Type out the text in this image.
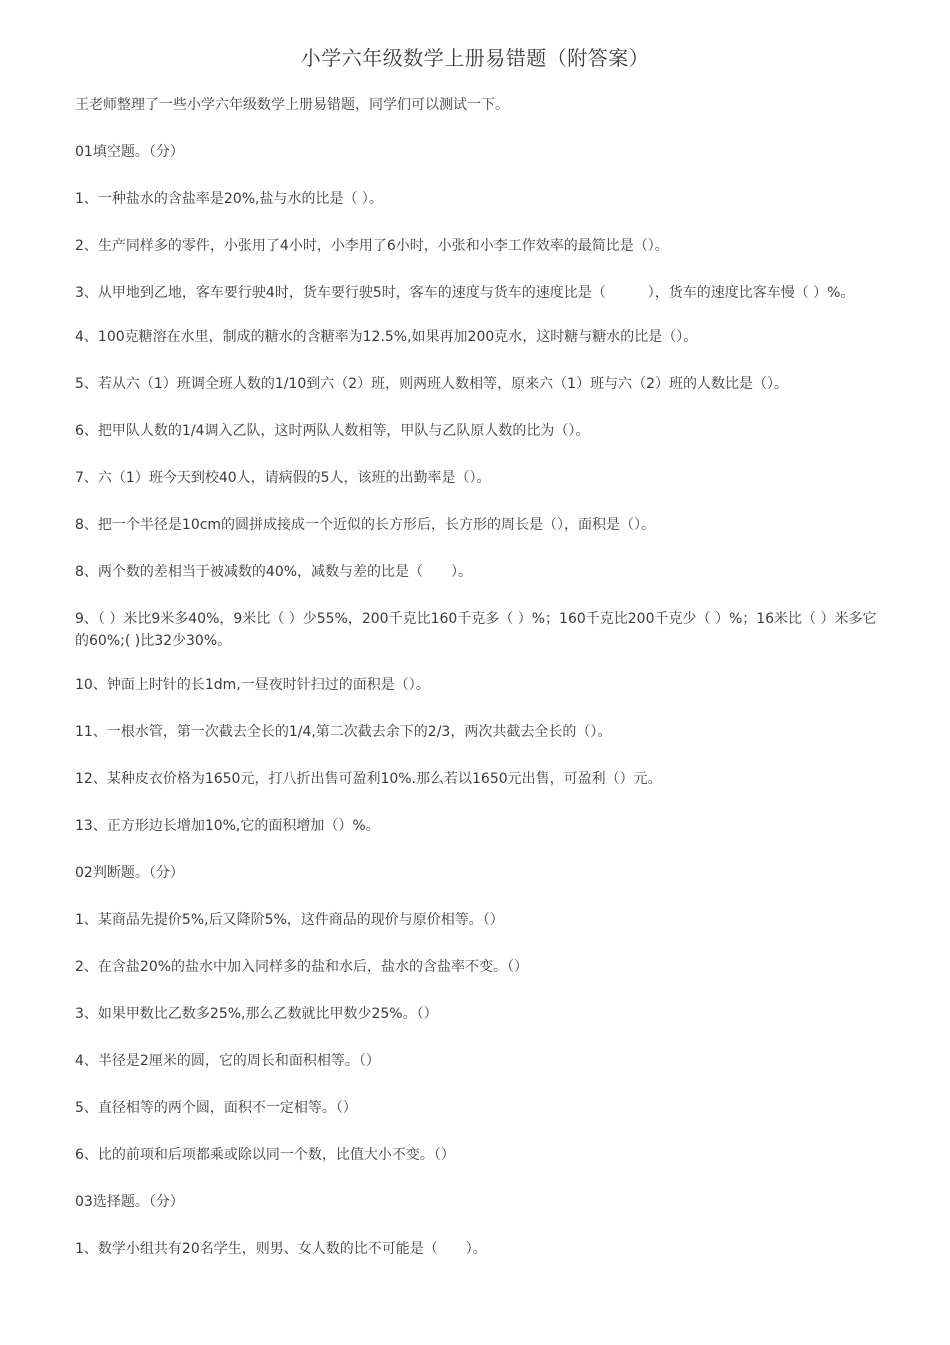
小学六年级数学上册易错题（附答案）
王老师整理了一些小学六年级数学上册易错题，同学们可以测试一下。
01填空题。（分）
1、一种盐水的含盐率是20%,盐与水的比是（ ）。
2、生产同样多的零件，小张用了4小时，小李用了6小时，小张和小李工作效率的最简比是（）。
3、从甲地到乙地，客车要行驶4时，货车要行驶5时，客车的速度与货车的速度比是（　　　），货车的速度比客车慢（ ）%。
4、100克糖溶在水里，制成的糖水的含糖率为12.5%,如果再加200克水，这时糖与糖水的比是（）。
5、若从六（1）班调全班人数的1/10到六（2）班，则两班人数相等，原来六（1）班与六（2）班的人数比是（）。
6、把甲队人数的1/4调入乙队，这时两队人数相等，甲队与乙队原人数的比为（）。
7、六（1）班今天到校40人，请病假的5人，该班的出勤率是（）。
8、把一个半径是10cm的圆拼成接成一个近似的长方形后，长方形的周长是（），面积是（）。
8、两个数的差相当于被减数的40%，减数与差的比是（　　）。
9、（ ）米比9米多40%，9米比（ ）少55%，200千克比160千克多（ ）%；160千克比200千克少（ ）%；16米比（ ）米多它的60%;( )比32少30%。
10、钟面上时针的长1dm,一昼夜时针扫过的面积是（）。
11、一根水管，第一次截去全长的1/4,第二次截去余下的2/3，两次共截去全长的（）。
12、某种皮衣价格为1650元，打八折出售可盈利10%.那么若以1650元出售，可盈利（）元。
13、正方形边长增加10%,它的面积增加（）%。
02判断题。（分）
1、某商品先提价5%,后又降阶5%，这件商品的现价与原价相等。（）
2、在含盐20%的盐水中加入同样多的盐和水后，盐水的含盐率不变。（）
3、如果甲数比乙数多25%,那么乙数就比甲数少25%。（）
4、半径是2厘米的圆，它的周长和面积相等。（）
5、直径相等的两个圆，面积不一定相等。（）
6、比的前项和后项都乘或除以同一个数，比值大小不变。（）
03选择题。（分）
1、数学小组共有20名学生，则男、女人数的比不可能是（　　）。
